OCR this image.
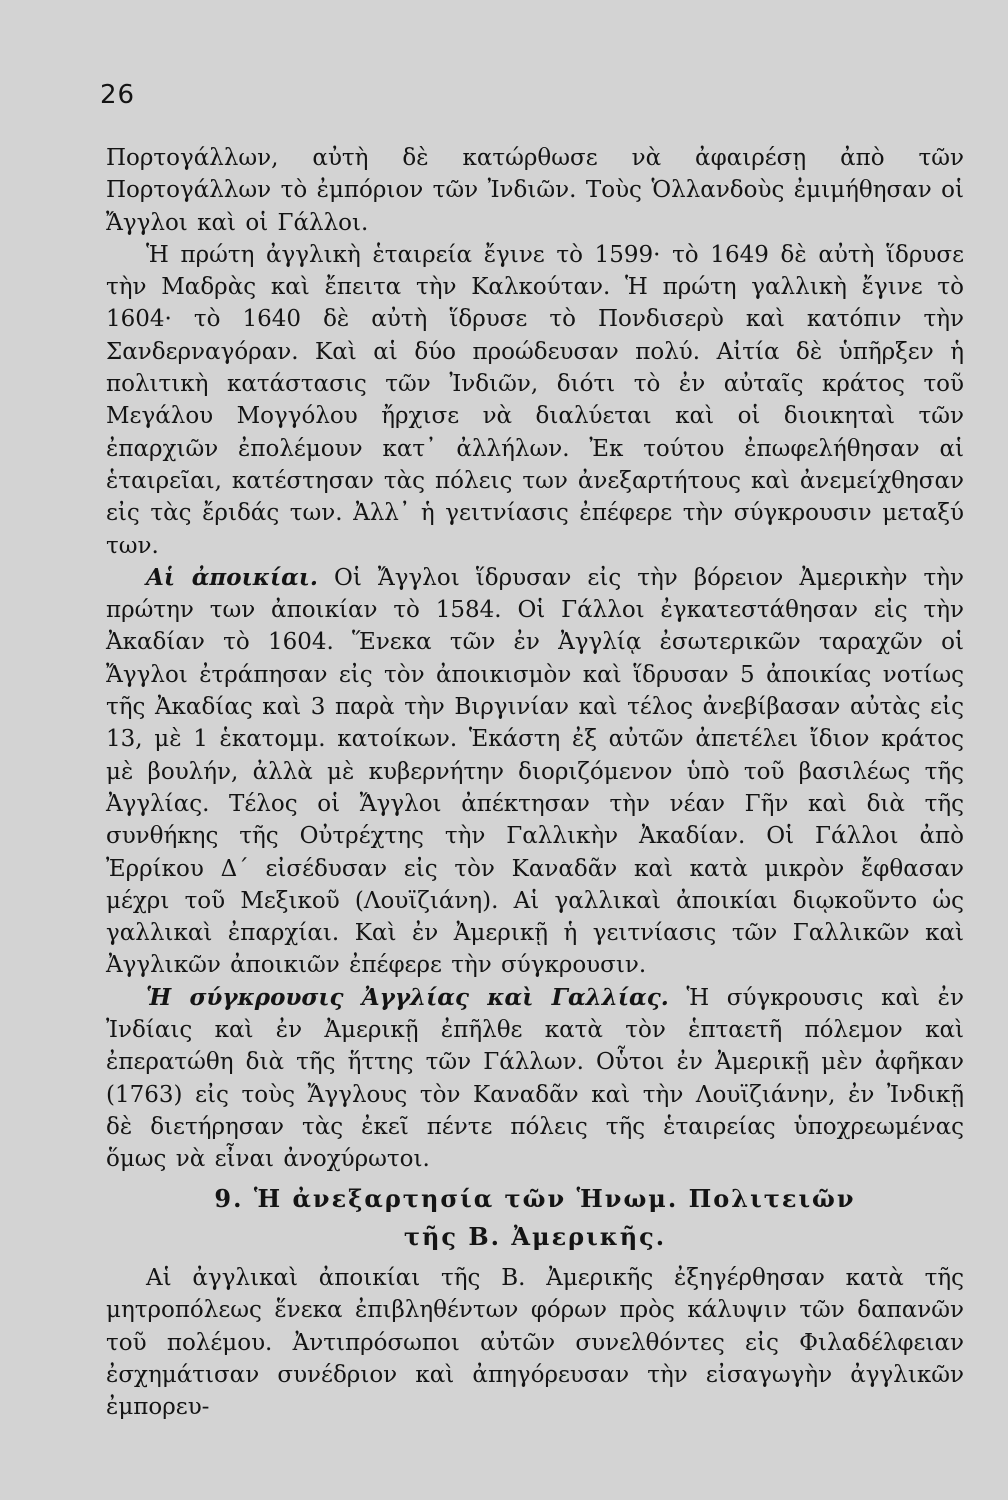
26

Πορτογάλλων, αὐτὴ δὲ κατώρθωσε νὰ ἀφαιρέσῃ ἀπὸ τῶν Πορτογάλλων τὸ ἐμπόριον τῶν Ἰνδιῶν. Τοὺς Ὁλλανδοὺς ἐμιμήθησαν οἱ Ἄγγλοι καὶ οἱ Γάλλοι.

Ἡ πρώτη ἀγγλικὴ ἑταιρεία ἔγινε τὸ 1599· τὸ 1649 δὲ αὐτὴ ἵδρυσε τὴν Μαδρὰς καὶ ἔπειτα τὴν Καλκούταν. Ἡ πρώτη γαλλικὴ ἔγινε τὸ 1604· τὸ 1640 δὲ αὐτὴ ἵδρυσε τὸ Πονδισερὺ καὶ κατόπιν τὴν Σανδερναγόραν. Καὶ αἱ δύο προώδευσαν πολύ. Αἰτία δὲ ὑπῆρξεν ἡ πολιτικὴ κατάστασις τῶν Ἰνδιῶν, διότι τὸ ἐν αὐταῖς κράτος τοῦ Μεγάλου Μογγόλου ἤρχισε νὰ διαλύεται καὶ οἱ διοικηταὶ τῶν ἐπαρχιῶν ἐπολέμουν κατ᾽ ἀλλήλων. Ἐκ τούτου ἐπωφελήθησαν αἱ ἑταιρεῖαι, κατέστησαν τὰς πόλεις των ἀνεξαρτήτους καὶ ἀνεμείχθησαν εἰς τὰς ἔριδάς των. Ἀλλ᾽ ἡ γειτνίασις ἐπέφερε τὴν σύγκρουσιν μεταξύ των.

Αἱ ἀποικίαι. Οἱ Ἄγγλοι ἵδρυσαν εἰς τὴν βόρειον Ἀμερικὴν τὴν πρώτην των ἀποικίαν τὸ 1584. Οἱ Γάλλοι ἐγκατεστάθησαν εἰς τὴν Ἀκαδίαν τὸ 1604. Ἕνεκα τῶν ἐν Ἀγγλίᾳ ἐσωτερικῶν ταραχῶν οἱ Ἄγγλοι ἐτράπησαν εἰς τὸν ἀποικισμὸν καὶ ἵδρυσαν 5 ἀποικίας νοτίως τῆς Ἀκαδίας καὶ 3 παρὰ τὴν Βιργινίαν καὶ τέλος ἀνεβίβασαν αὐτὰς εἰς 13, μὲ 1 ἑκατομμ. κατοίκων. Ἑκάστη ἐξ αὐτῶν ἀπετέλει ἴδιον κράτος μὲ βουλήν, ἀλλὰ μὲ κυβερνήτην διοριζόμενον ὑπὸ τοῦ βασιλέως τῆς Ἀγγλίας. Τέλος οἱ Ἄγγλοι ἀπέκτησαν τὴν νέαν Γῆν καὶ διὰ τῆς συνθήκης τῆς Οὐτρέχτης τὴν Γαλλικὴν Ἀκαδίαν. Οἱ Γάλλοι ἀπὸ Ἐρρίκου Δ΄ εἰσέδυσαν εἰς τὸν Καναδᾶν καὶ κατὰ μικρὸν ἔφθασαν μέχρι τοῦ Μεξικοῦ (Λουϊζιάνη). Αἱ γαλλικαὶ ἀποικίαι διῳκοῦντο ὡς γαλλικαὶ ἐπαρχίαι. Καὶ ἐν Ἀμερικῇ ἡ γειτνίασις τῶν Γαλλικῶν καὶ Ἀγγλικῶν ἀποικιῶν ἐπέφερε τὴν σύγκρουσιν.

Ἡ σύγκρουσις Ἀγγλίας καὶ Γαλλίας. Ἡ σύγκρουσις καὶ ἐν Ἰνδίαις καὶ ἐν Ἀμερικῇ ἐπῆλθε κατὰ τὸν ἑπταετῆ πόλεμον καὶ ἐπερατώθη διὰ τῆς ἥττης τῶν Γάλλων. Οὗτοι ἐν Ἀμερικῇ μὲν ἀφῆκαν (1763) εἰς τοὺς Ἄγγλους τὸν Καναδᾶν καὶ τὴν Λουϊζιάνην, ἐν Ἰνδικῇ δὲ διετήρησαν τὰς ἐκεῖ πέντε πόλεις τῆς ἑταιρείας ὑποχρεωμένας ὅμως νὰ εἶναι ἀνοχύρωτοι.

9. Ἡ ἀνεξαρτησία τῶν Ἡνωμ. Πολιτειῶν
τῆς Β. Ἀμερικῆς.

Αἱ ἀγγλικαὶ ἀποικίαι τῆς Β. Ἀμερικῆς ἐξηγέρθησαν κατὰ τῆς μητροπόλεως ἕνεκα ἐπιβληθέντων φόρων πρὸς κάλυψιν τῶν δαπανῶν τοῦ πολέμου. Ἀντιπρόσωποι αὐτῶν συνελθόντες εἰς Φιλαδέλφειαν ἐσχημάτισαν συνέδριον καὶ ἀπηγόρευσαν τὴν εἰσαγωγὴν ἀγγλικῶν ἐμπορευ-
